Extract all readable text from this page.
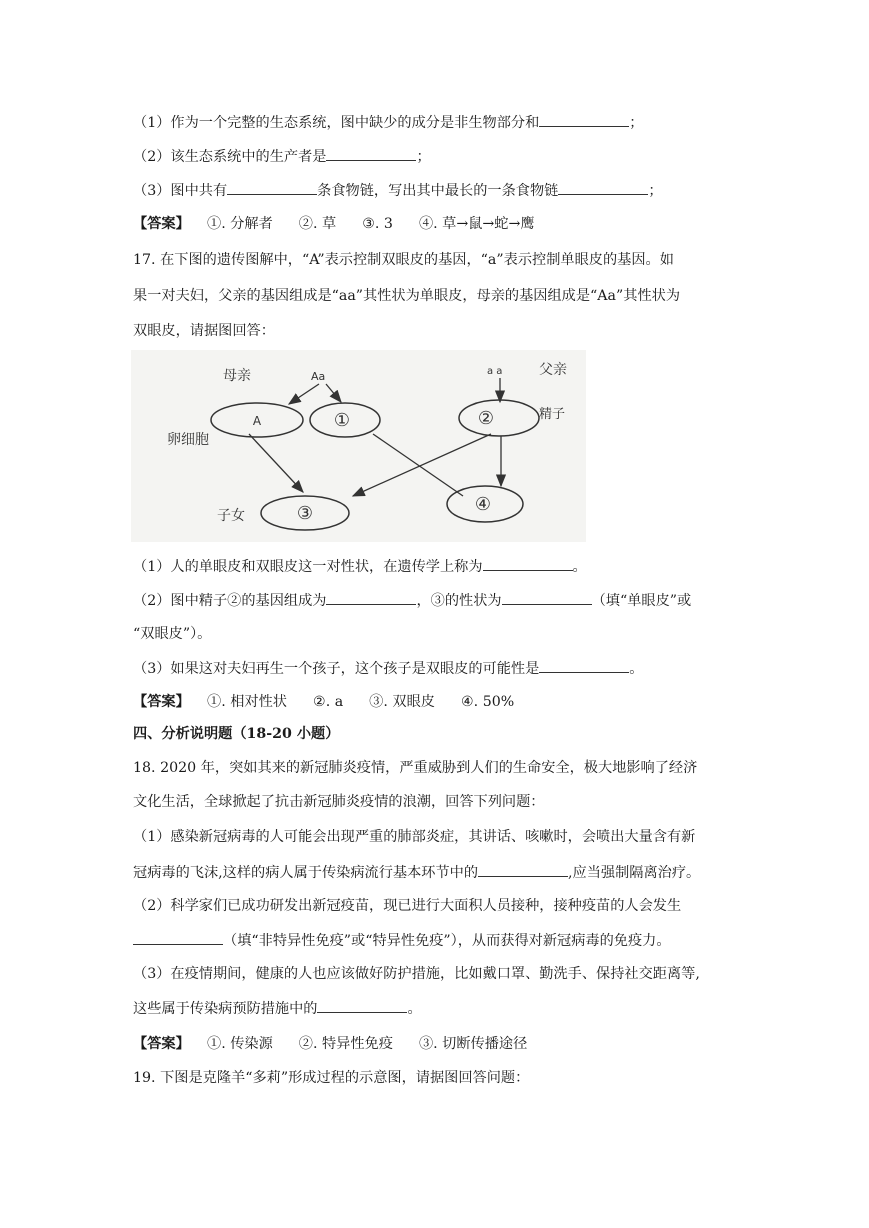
（1）作为一个完整的生态系统，图中缺少的成分是非生物部分和	；
（2）该生态系统中的生产者是	；
（3）图中共有	条食物链，写出其中最长的一条食物链	；
【答案】 ①. 分解者 ②. 草 ③. 3 ④. 草→鼠→蛇→鹰
17. 在下图的遗传图解中，“A”表示控制双眼皮的基因，“a”表示控制单眼皮的基因。如
果一对夫妇，父亲的基因组成是“aa”其性状为单眼皮，母亲的基因组成是“Aa”其性状为
双眼皮，请据图回答：
母亲	Aa	a a	父亲
精子
卵细胞
子女
A	①	②
③	④
（1）人的单眼皮和双眼皮这一对性状，在遗传学上称为	。
（2）图中精子②的基因组成为	，③的性状为	（填“单眼皮”或
“双眼皮”）。
（3）如果这对夫妇再生一个孩子，这个孩子是双眼皮的可能性是	。
【答案】 ①. 相对性状 ②. a ③. 双眼皮 ④. 50%
四、分析说明题（18-20 小题）
18. 2020 年，突如其来的新冠肺炎疫情，严重威胁到人们的生命安全，极大地影响了经济
文化生活，全球掀起了抗击新冠肺炎疫情的浪潮，回答下列问题：
（1）感染新冠病毒的人可能会出现严重的肺部炎症，其讲话、咳嗽时，会喷出大量含有新
冠病毒的飞沫,这样的病人属于传染病流行基本环节中的	,应当强制隔离治疗。
（2）科学家们已成功研发出新冠疫苗，现已进行大面积人员接种，接种疫苗的人会发生
（填“非特异性免疫”或“特异性免疫”），从而获得对新冠病毒的免疫力。
（3）在疫情期间，健康的人也应该做好防护措施，比如戴口罩、勤洗手、保持社交距离等,
这些属于传染病预防措施中的	。
【答案】 ①. 传染源 ②. 特异性免疫 ③. 切断传播途径
19. 下图是克隆羊“多莉”形成过程的示意图，请据图回答问题：
